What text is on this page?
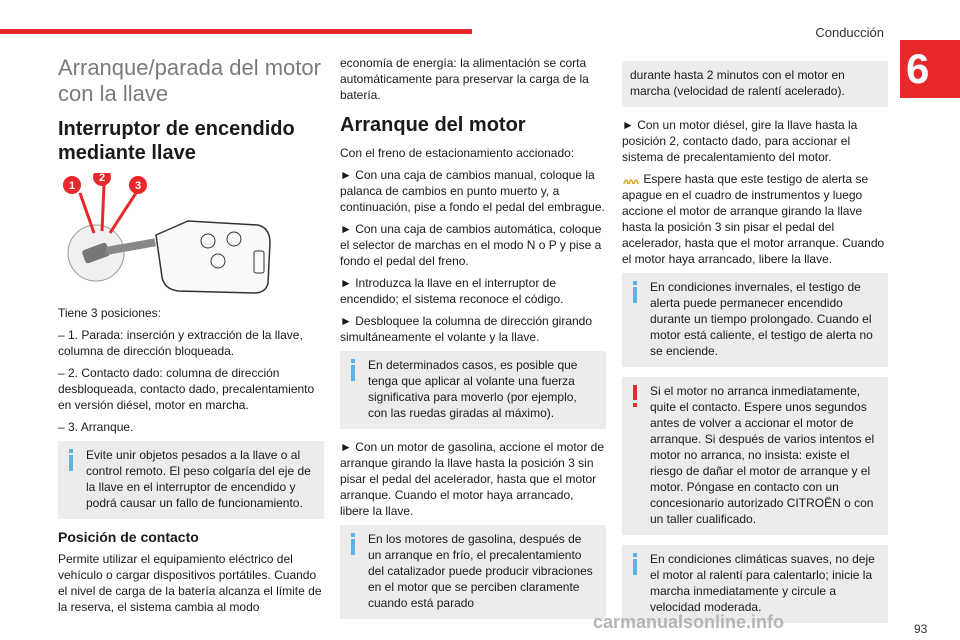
Conducción
6
Arranque/parada del motor con la llave
Interruptor de encendido mediante llave
1
2
3

Tiene 3 posiciones:

– 1. Parada: inserción y extracción de la llave, columna de dirección bloqueada.

– 2. Contacto dado: columna de dirección desbloqueada, contacto dado, precalentamiento en versión diésel, motor en marcha.

– 3. Arranque.

Evite unir objetos pesados a la llave o al control remoto. El peso colgaría del eje de la llave en el interruptor de encendido y podrá causar un fallo de funcionamiento.
Posición de contacto

Permite utilizar el equipamiento eléctrico del vehículo o cargar dispositivos portátiles. Cuando el nivel de carga de la batería alcanza el límite de la reserva, el sistema cambia al modo

economía de energía: la alimentación se corta automáticamente para preservar la carga de la batería.

Arranque del motor

Con el freno de estacionamiento accionado:

► Con una caja de cambios manual, coloque la palanca de cambios en punto muerto y, a continuación, pise a fondo el pedal del embrague.

► Con una caja de cambios automática, coloque el selector de marchas en el modo N o P y pise a fondo el pedal del freno.

► Introduzca la llave en el interruptor de encendido; el sistema reconoce el código.

► Desbloquee la columna de dirección girando simultáneamente el volante y la llave.

En determinados casos, es posible que tenga que aplicar al volante una fuerza significativa para moverlo (por ejemplo, con las ruedas giradas al máximo).

► Con un motor de gasolina, accione el motor de arranque girando la llave hasta la posición 3 sin pisar el pedal del acelerador, hasta que el motor arranque. Cuando el motor haya arrancado, libere la llave.

En los motores de gasolina, después de un arranque en frío, el precalentamiento del catalizador puede producir vibraciones en el motor que se perciben claramente cuando está parado
durante hasta 2 minutos con el motor en marcha (velocidad de ralentí acelerado).

► Con un motor diésel, gire la llave hasta la posición 2, contacto dado, para accionar el sistema de precalentamiento del motor.

Espere hasta que este testigo de alerta se apague en el cuadro de instrumentos y luego accione el motor de arranque girando la llave hasta la posición 3 sin pisar el pedal del acelerador, hasta que el motor arranque. Cuando el motor haya arrancado, libere la llave.

En condiciones invernales, el testigo de alerta puede permanecer encendido durante un tiempo prolongado. Cuando el motor está caliente, el testigo de alerta no se enciende.
Si el motor no arranca inmediatamente, quite el contacto. Espere unos segundos antes de volver a accionar el motor de arranque. Si después de varios intentos el motor no arranca, no insista: existe el riesgo de dañar el motor de arranque y el motor. Póngase en contacto con un concesionario autorizado CITROËN o con un taller cualificado.
En condiciones climáticas suaves, no deje el motor al ralentí para calentarlo; inicie la marcha inmediatamente y circule a velocidad moderada.
carmanualsonline.info	93
